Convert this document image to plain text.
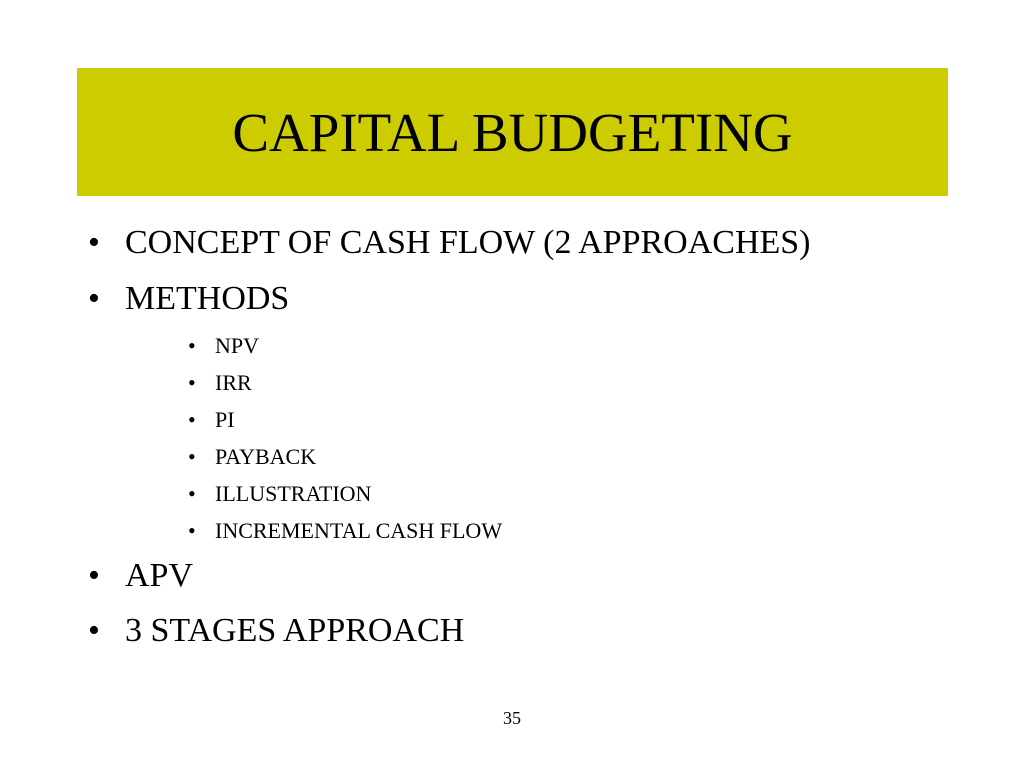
CAPITAL BUDGETING
• CONCEPT OF CASH FLOW (2 APPROACHES)
• METHODS
• NPV
• IRR
• PI
• PAYBACK
• ILLUSTRATION
• INCREMENTAL CASH FLOW
• APV
• 3 STAGES APPROACH
35
